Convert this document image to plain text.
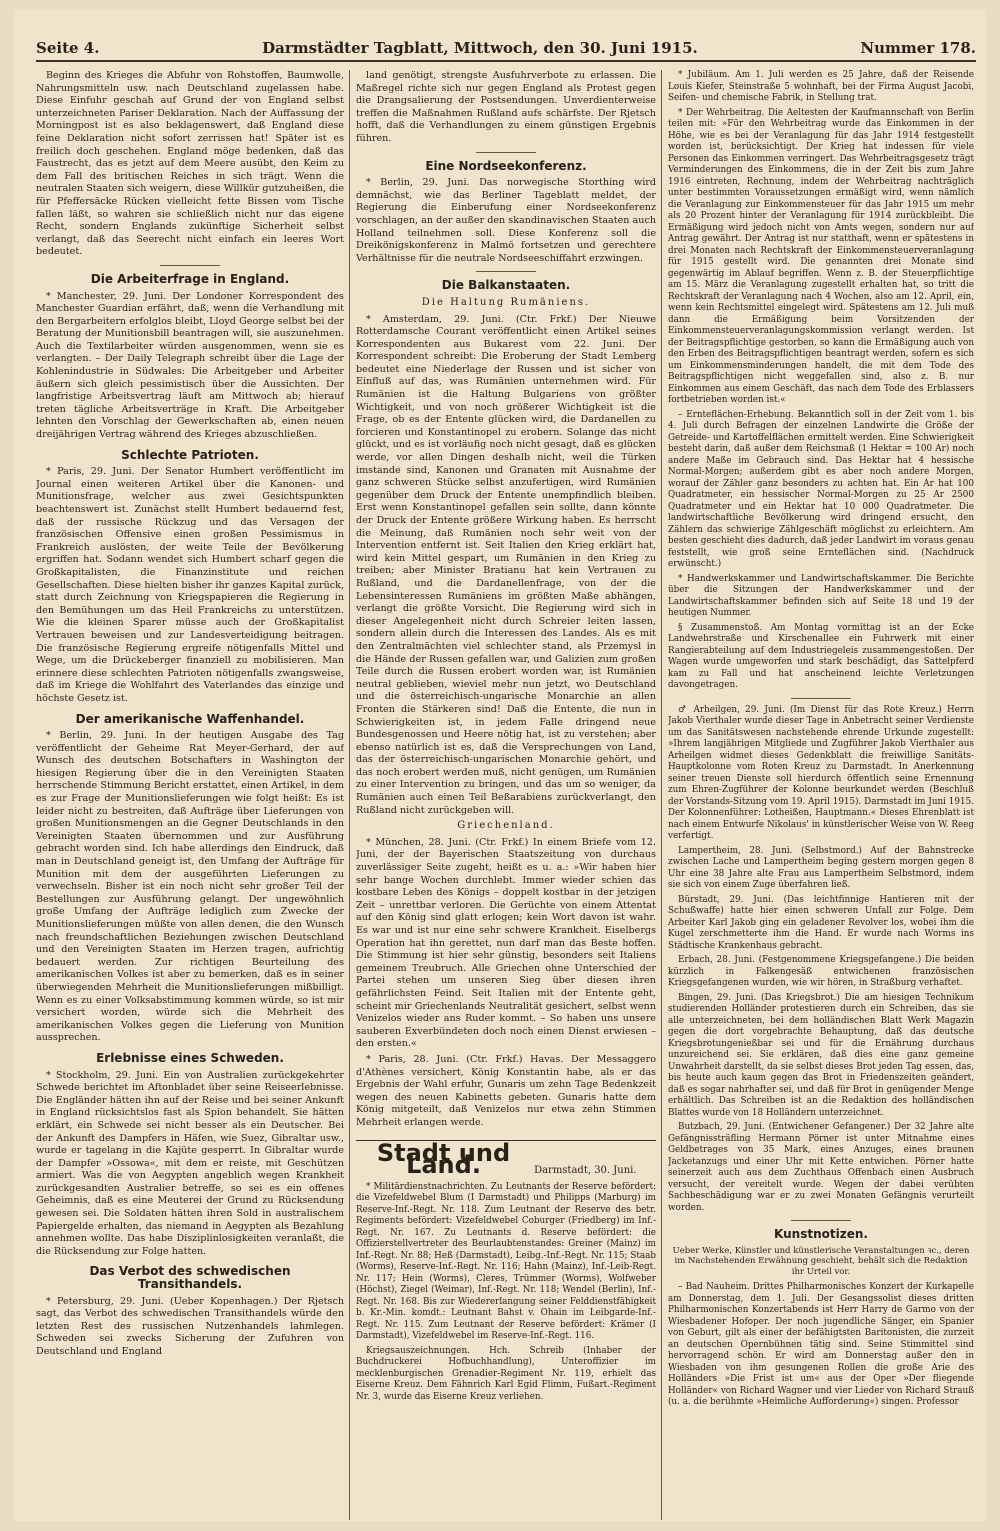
Seite 4.	Darmstädter Tagblatt, Mittwoch, den 30. Juni 1915.	Nummer 178.

Beginn des Krieges die Abfuhr von Rohstoffen, Baumwolle, Nahrungsmitteln usw. nach Deutschland zugelassen habe. Diese Einfuhr geschah auf Grund der von England selbst unterzeichneten Pariser Deklaration. Nach der Auffassung der Morningpost ist es also beklagenswert, daß England diese feine Deklaration nicht sofort zerrissen hat! Später ist es freilich doch geschehen. England möge bedenken, daß das Faustrecht, das es jetzt auf dem Meere ausübt, den Keim zu dem Fall des britischen Reiches in sich trägt. Wenn die neutralen Staaten sich weigern, diese Willkür gutzuheißen, die für Pfeffersäcke Rücken vielleicht fette Bissen vom Tische fallen läßt, so wahren sie schließlich nicht nur das eigene Recht, sondern Englands zukünftige Sicherheit selbst verlangt, daß das Seerecht nicht einfach ein leeres Wort bedeutet.

Die Arbeiterfrage in England.

* Manchester, 29. Juni. Der Londoner Korrespondent des Manchester Guardian erfährt, daß, wenn die Verhandlung mit den Bergarbeitern erfolglos bleibt, Lloyd George selbst bei der Beratung der Munitionsbill beantragen will, sie auszunehmen. Auch die Textilarbeiter würden ausgenommen, wenn sie es verlangten. – Der Daily Telegraph schreibt über die Lage der Kohlenindustrie in Südwales: Die Arbeitgeber und Arbeiter äußern sich gleich pessimistisch über die Aussichten. Der langfristige Arbeitsvertrag läuft am Mittwoch ab; hierauf treten tägliche Arbeitsverträge in Kraft. Die Arbeitgeber lehnten den Vorschlag der Gewerkschaften ab, einen neuen dreijährigen Vertrag während des Krieges abzuschließen.

Schlechte Patrioten.

* Paris, 29. Juni. Der Senator Humbert veröffentlicht im Journal einen weiteren Artikel über die Kanonen- und Munitionsfrage, welcher aus zwei Gesichtspunkten beachtenswert ist. Zunächst stellt Humbert bedauernd fest, daß der russische Rückzug und das Versagen der französischen Offensive einen großen Pessimismus in Frankreich auslösten, der weite Teile der Bevölkerung ergriffen hat. Sodann wendet sich Humbert scharf gegen die Großkapitalisten, die Finanzinstitute und reichen Gesellschaften. Diese hielten bisher ihr ganzes Kapital zurück, statt durch Zeichnung von Kriegspapieren die Regierung in den Bemühungen um das Heil Frankreichs zu unterstützen. Wie die kleinen Sparer müsse auch der Großkapitalist Vertrauen beweisen und zur Landesverteidigung beitragen. Die französische Regierung ergreife nötigenfalls Mittel und Wege, um die Drückeberger finanziell zu mobilisieren. Man erinnere diese schlechten Patrioten nötigenfalls zwangsweise, daß im Kriege die Wohlfahrt des Vaterlandes das einzige und höchste Gesetz ist.

Der amerikanische Waffenhandel.

* Berlin, 29. Juni. In der heutigen Ausgabe des Tag veröffentlicht der Geheime Rat Meyer-Gerhard, der auf Wunsch des deutschen Botschafters in Washington der hiesigen Regierung über die in den Vereinigten Staaten herrschende Stimmung Bericht erstattet, einen Artikel, in dem es zur Frage der Munitionslieferungen wie folgt heißt: Es ist leider nicht zu bestreiten, daß Aufträge über Lieferungen von großen Munitionsmengen an die Gegner Deutschlands in den Vereinigten Staaten übernommen und zur Ausführung gebracht worden sind. Ich habe allerdings den Eindruck, daß man in Deutschland geneigt ist, den Umfang der Aufträge für Munition mit dem der ausgeführten Lieferungen zu verwechseln. Bisher ist ein noch nicht sehr großer Teil der Bestellungen zur Ausführung gelangt. Der ungewöhnlich große Umfang der Aufträge lediglich zum Zwecke der Munitionslieferungen müßte von allen denen, die den Wunsch nach freundschaftlichen Beziehungen zwischen Deutschland und den Vereinigten Staaten im Herzen tragen, aufrichtig bedauert werden. Zur richtigen Beurteilung des amerikanischen Volkes ist aber zu bemerken, daß es in seiner überwiegenden Mehrheit die Munitionslieferungen mißbilligt. Wenn es zu einer Volksabstimmung kommen würde, so ist mir versichert worden, würde sich die Mehrheit des amerikanischen Volkes gegen die Lieferung von Munition aussprechen.

Erlebnisse eines Schweden.

* Stockholm, 29. Juni. Ein von Australien zurückgekehrter Schwede berichtet im Aftonbladet über seine Reiseerlebnisse. Die Engländer hätten ihn auf der Reise und bei seiner Ankunft in England rücksichtslos fast als Spion behandelt. Sie hätten erklärt, ein Schwede sei nicht besser als ein Deutscher. Bei der Ankunft des Dampfers in Häfen, wie Suez, Gibraltar usw., wurde er tagelang in die Kajüte gesperrt. In Gibraltar wurde der Dampfer »Ossowa«, mit dem er reiste, mit Geschützen armiert. Was die von Aegypten angeblich wegen Krankheit zurückgesandten Australier betreffe, so sei es ein offenes Geheimnis, daß es eine Meuterei der Grund zu Rücksendung gewesen sei. Die Soldaten hätten ihren Sold in australischem Papiergelde erhalten, das niemand in Aegypten als Bezahlung annehmen wollte. Das habe Disziplinlosigkeiten veranlaßt, die die Rücksendung zur Folge hatten.

Das Verbot des schwedischen Transithandels.

* Petersburg, 29. Juni. (Ueber Kopenhagen.) Der Rjetsch sagt, das Verbot des schwedischen Transithandels würde den letzten Rest des russischen Nutzenhandels lahmlegen. Schweden sei zwecks Sicherung der Zufuhren von Deutschland und England

land genötigt, strengste Ausfuhrverbote zu erlassen. Die Maßregel richte sich nur gegen England als Protest gegen die Drangsalierung der Postsendungen. Unverdienterweise treffen die Maßnahmen Rußland aufs schärfste. Der Rjetsch hofft, daß die Verhandlungen zu einem günstigen Ergebnis führen.

Eine Nordseekonferenz.

* Berlin, 29. Juni. Das norwegische Storthing wird demnächst, wie das Berliner Tageblatt meldet, der Regierung die Einberufung einer Nordseekonferenz vorschlagen, an der außer den skandinavischen Staaten auch Holland teilnehmen soll. Diese Konferenz soll die Dreikönigskonferenz in Malmö fortsetzen und gerechtere Verhältnisse für die neutrale Nordseeschiffahrt erzwingen.

Die Balkanstaaten.
Die Haltung Rumäniens.

* Amsterdam, 29. Juni. (Ctr. Frkf.) Der Nieuwe Rotterdamsche Courant veröffentlicht einen Artikel seines Korrespondenten aus Bukarest vom 22. Juni. Der Korrespondent schreibt: Die Eroberung der Stadt Lemberg bedeutet eine Niederlage der Russen und ist sicher von Einfluß auf das, was Rumänien unternehmen wird. Für Rumänien ist die Haltung Bulgariens von größter Wichtigkeit, und von noch größerer Wichtigkeit ist die Frage, ob es der Entente glücken wird, die Dardanellen zu forcieren und Konstantinopel zu erobern. Solange das nicht glückt, und es ist vorläufig noch nicht gesagt, daß es glücken werde, vor allen Dingen deshalb nicht, weil die Türken imstande sind, Kanonen und Granaten mit Ausnahme der ganz schweren Stücke selbst anzufertigen, wird Rumänien gegenüber dem Druck der Entente unempfindlich bleiben. Erst wenn Konstantinopel gefallen sein sollte, dann könnte der Druck der Entente größere Wirkung haben. Es herrscht die Meinung, daß Rumänien noch sehr weit von der Intervention entfernt ist. Seit Italien den Krieg erklärt hat, wird kein Mittel gespart, um Rumänien in den Krieg zu treiben; aber Minister Bratianu hat kein Vertrauen zu Rußland, und die Dardanellenfrage, von der die Lebensinteressen Rumäniens im größten Maße abhängen, verlangt die größte Vorsicht. Die Regierung wird sich in dieser Angelegenheit nicht durch Schreier leiten lassen, sondern allein durch die Interessen des Landes. Als es mit den Zentralmächten viel schlechter stand, als Przemysl in die Hände der Russen gefallen war, und Galizien zum großen Teile durch die Russen erobert worden war, ist Rumänien neutral geblieben, wieviel mehr nun jetzt, wo Deutschland und die österreichisch-ungarische Monarchie an allen Fronten die Stärkeren sind! Daß die Entente, die nun in Schwierigkeiten ist, in jedem Falle dringend neue Bundesgenossen und Heere nötig hat, ist zu verstehen; aber ebenso natürlich ist es, daß die Versprechungen von Land, das der österreichisch-ungarischen Monarchie gehört, und das noch erobert werden muß, nicht genügen, um Rumänien zu einer Intervention zu bringen, und das um so weniger, da Rumänien auch einen Teil Beßarabiens zurückverlangt, den Rußland nicht zurückgeben will.

Griechenland.

* München, 28. Juni. (Ctr. Frkf.) In einem Briefe vom 12. Juni, der der Bayerischen Staatszeitung von durchaus zuverlässiger Seite zugeht, heißt es u. a.: »Wir haben hier sehr bange Wochen durchlebt. Immer wieder schien das kostbare Leben des Königs – doppelt kostbar in der jetzigen Zeit – unrettbar verloren. Die Gerüchte von einem Attentat auf den König sind glatt erlogen; kein Wort davon ist wahr. Es war und ist nur eine sehr schwere Krankheit. Eiselbergs Operation hat ihn gerettet, nun darf man das Beste hoffen. Die Stimmung ist hier sehr günstig, besonders seit Italiens gemeinem Treubruch. Alle Griechen ohne Unterschied der Partei stehen um unseren Sieg über diesen ihren gefährlichsten Feind. Seit Italien mit der Entente geht, scheint mir Griechenlands Neutralität gesichert, selbst wenn Venizelos wieder ans Ruder kommt. – So haben uns unsere sauberen Exverbündeten doch noch einen Dienst erwiesen – den ersten.«

* Paris, 28. Juni. (Ctr. Frkf.) Havas. Der Messaggero d'Athènes versichert, König Konstantin habe, als er das Ergebnis der Wahl erfuhr, Gunaris um zehn Tage Bedenkzeit wegen des neuen Kabinetts gebeten. Gunaris hatte dem König mitgeteilt, daß Venizelos nur etwa zehn Stimmen Mehrheit erlangen werde.

Stadt und Land.	Darmstadt, 30. Juni.

* Militärdienstnachrichten. Zu Leutnants der Reserve befördert: die Vizefeldwebel Blum (I Darmstadt) und Philipps (Marburg) im Reserve-Inf.-Regt. Nr. 118. Zum Leutnant der Reserve des betr. Regiments befördert: Vizefeldwebel Coburger (Friedberg) im Inf.-Regt. Nr. 167. Zu Leutnants d. Reserve befördert: die Offizierstellvertreter des Beurlaubtenstandes: Greiner (Mainz) im Inf.-Regt. Nr. 88; Heß (Darmstadt), Leibg.-Inf.-Regt. Nr. 115; Staab (Worms), Reserve-Inf.-Regt. Nr. 116; Hahn (Mainz), Inf.-Leib-Regt. Nr. 117; Hein (Worms), Cleres, Trümmer (Worms), Wolfweber (Höchst), Ziegel (Weimar), Inf.-Regt. Nr. 118; Wendel (Berlin), Inf.-Regt. Nr. 168. Bis zur Wiedererlangung seiner Felddienstfähigkeit b. Kr.-Min. komdt.: Leutnant Bahst v. Ohain im Leibgarde-Inf.-Regt. Nr. 115. Zum Leutnant der Reserve befördert: Krämer (I Darmstadt), Vizefeldwebel im Reserve-Inf.-Regt. 116.

Kriegsauszeichnungen. Hch. Schreib (Inhaber der Buchdruckerei Hofbuchhandlung), Unteroffizier im mecklenburgischen Grenadier-Regiment Nr. 119, erhielt das Eiserne Kreuz. Dem Fähnrich Karl Egid Flimm, Fußart.-Regiment Nr. 3, wurde das Eiserne Kreuz verliehen.

* Jubiläum. Am 1. Juli werden es 25 Jahre, daß der Reisende Louis Kiefer, Steinstraße 5 wohnhaft, bei der Firma August Jacobi, Seifen- und chemische Fabrik, in Stellung trat.

* Der Wehrbeitrag. Die Aeltesten der Kaufmannschaft von Berlin teilen mit: »Für den Wehrbeitrag wurde das Einkommen in der Höhe, wie es bei der Veranlagung für das Jahr 1914 festgestellt worden ist, berücksichtigt. Der Krieg hat indessen für viele Personen das Einkommen verringert. Das Wehrbeitragsgesetz trägt Verminderungen des Einkommens, die in der Zeit bis zum Jahre 1916 eintreten, Rechnung, indem der Wehrbeitrag nachträglich unter bestimmten Voraussetzungen ermäßigt wird, wenn nämlich die Veranlagung zur Einkommensteuer für das Jahr 1915 um mehr als 20 Prozent hinter der Veranlagung für 1914 zurückbleibt. Die Ermäßigung wird jedoch nicht von Amts wegen, sondern nur auf Antrag gewährt. Der Antrag ist nur statthaft, wenn er spätestens in drei Monaten nach Rechtskraft der Einkommensteuerveranlagung für 1915 gestellt wird. Die genannten drei Monate sind gegenwärtig im Ablauf begriffen. Wenn z. B. der Steuerpflichtige am 15. März die Veranlagung zugestellt erhalten hat, so tritt die Rechtskraft der Veranlagung nach 4 Wochen, also am 12. April, ein, wenn kein Rechtsmittel eingelegt wird. Spätestens am 12. Juli muß dann die Ermäßigung beim Vorsitzenden der Einkommensteuerveranlagungskommission verlangt werden. Ist der Beitragspflichtige gestorben, so kann die Ermäßigung auch von den Erben des Beitragspflichtigen beantragt werden, sofern es sich um Einkommensminderungen handelt, die mit dem Tode des Beitragspflichtigen nicht weggefallen sind, also z. B. nur Einkommen aus einem Geschäft, das nach dem Tode des Erblassers fortbetrieben worden ist.«

– Ernteflächen-Erhebung. Bekanntlich soll in der Zeit vom 1. bis 4. Juli durch Befragen der einzelnen Landwirte die Größe der Getreide- und Kartoffelflächen ermittelt werden. Eine Schwierigkeit besteht darin, daß außer dem Reichsmaß (1 Hektar = 100 Ar) noch andere Maße im Gebrauch sind. Das Hektar hat 4 hessische Normal-Morgen; außerdem gibt es aber noch andere Morgen, worauf der Zähler ganz besonders zu achten hat. Ein Ar hat 100 Quadratmeter, ein hessischer Normal-Morgen zu 25 Ar 2500 Quadratmeter und ein Hektar hat 10 000 Quadratmeter. Die landwirtschaftliche Bevölkerung wird dringend ersucht, den Zählern das schwierige Zählgeschäft möglichst zu erleichtern. Am besten geschieht dies dadurch, daß jeder Landwirt im voraus genau feststellt, wie groß seine Ernteflächen sind. (Nachdruck erwünscht.)

* Handwerkskammer und Landwirtschaftskammer. Die Berichte über die Sitzungen der Handwerkskammer und der Landwirtschaftskammer befinden sich auf Seite 18 und 19 der heutigen Nummer.

§ Zusammenstoß. Am Montag vormittag ist an der Ecke Landwehrstraße und Kirschenallee ein Fuhrwerk mit einer Rangierabteilung auf dem Industriegeleis zusammengestoßen. Der Wagen wurde umgeworfen und stark beschädigt, das Sattelpferd kam zu Fall und hat anscheinend leichte Verletzungen davongetragen.

♂ Arheilgen, 29. Juni. (Im Dienst für das Rote Kreuz.) Herrn Jakob Vierthaler wurde dieser Tage in Anbetracht seiner Verdienste um das Sanitätswesen nachstehende ehrende Urkunde zugestellt: »Ihrem langjährigen Mitgliede und Zugführer Jakob Vierthaler aus Arheilgen widmet dieses Gedenkblatt die freiwillige Sanitäts-Hauptkolonne vom Roten Kreuz zu Darmstadt. In Anerkennung seiner treuen Dienste soll hierdurch öffentlich seine Ernennung zum Ehren-Zugführer der Kolonne beurkundet werden (Beschluß der Vorstands-Sitzung vom 19. April 1915). Darmstadt im Juni 1915. Der Kolonnenführer: Lotheißen, Hauptmann.« Dieses Ehrenblatt ist nach einem Entwurfe Nikolaus' in künstlerischer Weise von W. Reeg verfertigt.

Lampertheim, 28. Juni. (Selbstmord.) Auf der Bahnstrecke zwischen Lache und Lampertheim beging gestern morgen gegen 8 Uhr eine 38 Jahre alte Frau aus Lampertheim Selbstmord, indem sie sich von einem Zuge überfahren ließ.

Bürstadt, 29. Juni. (Das leichtfinnige Hantieren mit der Schußwaffe) hatte hier einen schweren Unfall zur Folge. Dem Arbeiter Karl Jakob ging ein geladener Revolver los, wobei ihm die Kugel zerschmetterte ihm die Hand. Er wurde nach Worms ins Städtische Krankenhaus gebracht.

Erbach, 28. Juni. (Festgenommene Kriegsgefangene.) Die beiden kürzlich in Falkengesäß entwichenen französischen Kriegsgefangenen wurden, wie wir hören, in Straßburg verhaftet.

Bingen, 29. Juni. (Das Kriegsbrot.) Die am hiesigen Technikum studierenden Holländer protestieren durch ein Schreiben, das sie alle unterzeichneten, bei dem holländischen Blatt Werk Magazin gegen die dort vorgebrachte Behauptung, daß das deutsche Kriegsbrotungenießbar sei und für die Ernährung durchaus unzureichend sei. Sie erklären, daß dies eine ganz gemeine Unwahrheit darstellt, da sie selbst dieses Brot jeden Tag essen, das, bis heute auch kaum gegen das Brot in Friedenszeiten geändert, daß es sogar nahrhafter sei, und daß für Brot in genügender Menge erhältlich. Das Schreiben ist an die Redaktion des holländischen Blattes wurde von 18 Holländern unterzeichnet.

Butzbach, 29. Juni. (Entwichener Gefangener.) Der 32 Jahre alte Gefängnissträfling Hermann Pörner ist unter Mitnahme eines Geldbetrages von 35 Mark, eines Anzuges, eines braunen Jacketanzugs und einer Uhr mit Kette entwichen. Pörner hatte seinerzeit auch aus dem Zuchthaus Offenbach einen Ausbruch versucht, der vereitelt wurde. Wegen der dabei verübten Sachbeschädigung war er zu zwei Monaten Gefängnis verurteilt worden.

Kunstnotizen.

Ueber Werke, Künstler und künstlerische Veranstaltungen ꝛc., deren im Nachstehenden Erwähnung geschieht, behält sich die Redaktion ihr Urteil vor.

– Bad Nauheim. Drittes Philharmonisches Konzert der Kurkapelle am Donnerstag, dem 1. Juli. Der Gesangssolist dieses dritten Philharmonischen Konzertabends ist Herr Harry de Garmo von der Wiesbadener Hofoper. Der noch jugendliche Sänger, ein Spanier von Geburt, gilt als einer der befähigtsten Baritonisten, die zurzeit an deutschen Opernbühnen tätig sind. Seine Stimmittel sind hervorragend schön. Er wird am Donnerstag außer den in Wiesbaden von ihm gesungenen Rollen die große Arie des Holländers »Die Frist ist um« aus der Oper »Der fliegende Holländer« von Richard Wagner und vier Lieder von Richard Strauß (u. a. die berühmte »Heimliche Aufforderung«) singen. Professor
